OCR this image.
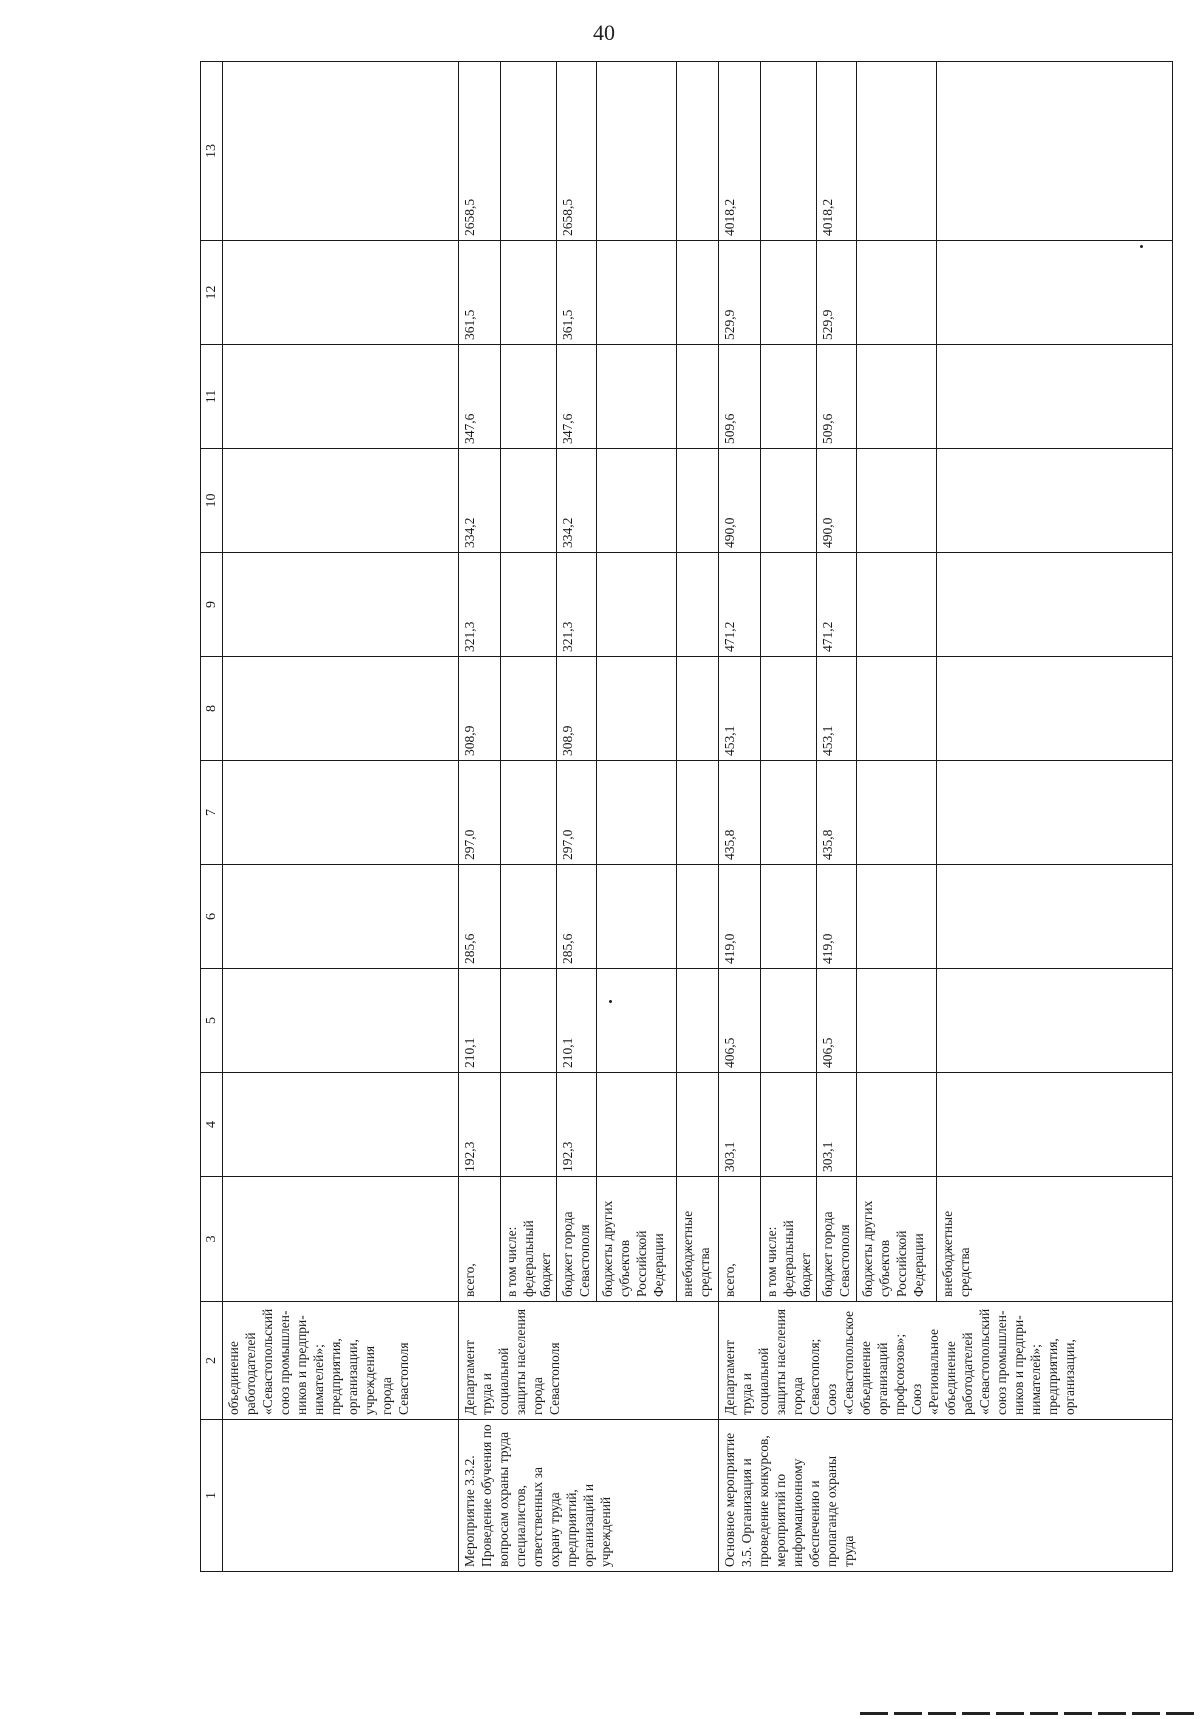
40
1	2	3	4	5	6	7	8	9	10	11	12	13
	объединение работодателей «Севастопольский союз промышлен-ников и предпри-нимателей»; предприятия, организации, учреждения города Севастополя											
Мероприятие 3.3.2. Проведение обучения по вопросам охраны труда специалистов, ответственных за охрану труда предприятий, организаций и учреждений	Департамент труда и социальной защиты населения города Севастополя	всего,	192,3	210,1	285,6	297,0	308,9	321,3	334,2	347,6	361,5	2658,5
		в том числе: федеральный бюджет										
		бюджет города Севастополя	192,3	210,1	285,6	297,0	308,9	321,3	334,2	347,6	361,5	2658,5
		бюджеты других субъектов Российской Федерации										
		внебюджетные средства										
Основное мероприятие 3.5. Организация и проведение конкурсов, мероприятий по информационному обеспечению и пропаганде охраны труда	Департамент труда и социальной защиты населения города Севастополя; Союз «Севастопольское объединение организаций профсоюзов»; Союз «Региональное объединение работодателей «Севастопольский союз промышлен-ников и предпри-нимателей»; предприятия, организации,	всего,	303,1	406,5	419,0	435,8	453,1	471,2	490,0	509,6	529,9	4018,2
		в том числе: федеральный бюджет										
		бюджет города Севастополя	303,1	406,5	419,0	435,8	453,1	471,2	490,0	509,6	529,9	4018,2
		бюджеты других субъектов Российской Федерации										
		внебюджетные средства										
